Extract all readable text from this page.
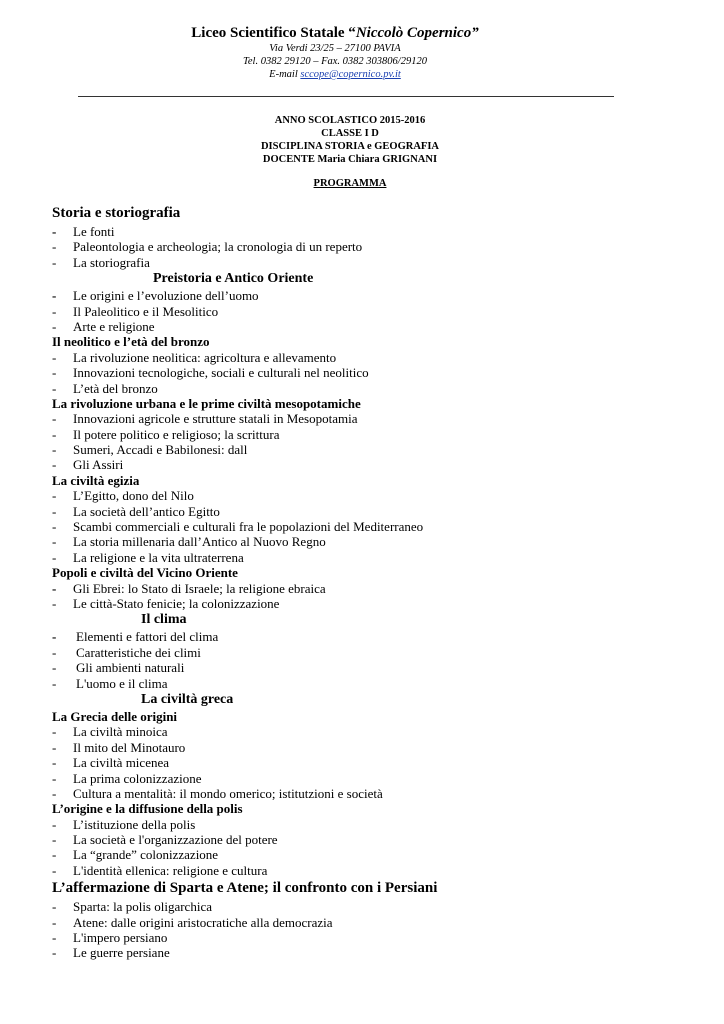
Liceo Scientifico Statale “Niccolò Copernico”
Via Verdi 23/25 – 27100 PAVIA
Tel. 0382 29120 – Fax. 0382 303806/29120
E-mail sccope@copernico.pv.it
ANNO SCOLASTICO 2015-2016
CLASSE I D
DISCIPLINA STORIA e GEOGRAFIA
DOCENTE Maria Chiara GRIGNANI
PROGRAMMA
Storia e storiografia
- Le fonti
- Paleontologia e archeologia; la cronologia di un reperto
- La storiografia
Preistoria e Antico Oriente
- Le origini e l’evoluzione dell’uomo
- Il Paleolitico e il Mesolitico
- Arte e religione
Il neolitico e l’età del bronzo
- La rivoluzione neolitica: agricoltura e allevamento
- Innovazioni tecnologiche, sociali e culturali nel neolitico
- L’età del bronzo
La rivoluzione urbana e le prime civiltà mesopotamiche
- Innovazioni agricole e strutture statali in Mesopotamia
- Il potere politico e religioso; la scrittura
- Sumeri, Accadi e Babilonesi: dall
- Gli Assiri
La civiltà egizia
- L’Egitto, dono del Nilo
- La società dell’antico Egitto
- Scambi commerciali e culturali fra le popolazioni del Mediterraneo
- La storia millenaria dall’Antico al Nuovo Regno
- La religione e la vita ultraterrena
Popoli e civiltà del Vicino Oriente
- Gli Ebrei: lo Stato di Israele; la religione ebraica
- Le città-Stato fenicie; la colonizzazione
Il clima
- Elementi e fattori del clima
- Caratteristiche dei climi
- Gli ambienti naturali
- L'uomo e il clima
La civiltà greca
La Grecia delle origini
- La civiltà minoica
- Il mito del Minotauro
- La civiltà micenea
- La prima colonizzazione
- Cultura a mentalità: il mondo omerico; istitutzioni e società
L’origine e la diffusione della polis
- L’istituzione della polis
- La società e l'organizzazione del potere
- La “grande” colonizzazione
- L'identità ellenica: religione e cultura
L’affermazione di Sparta e Atene; il confronto con i Persiani
- Sparta: la polis oligarchica
- Atene: dalle origini aristocratiche alla democrazia
- L'impero persiano
- Le guerre persiane
